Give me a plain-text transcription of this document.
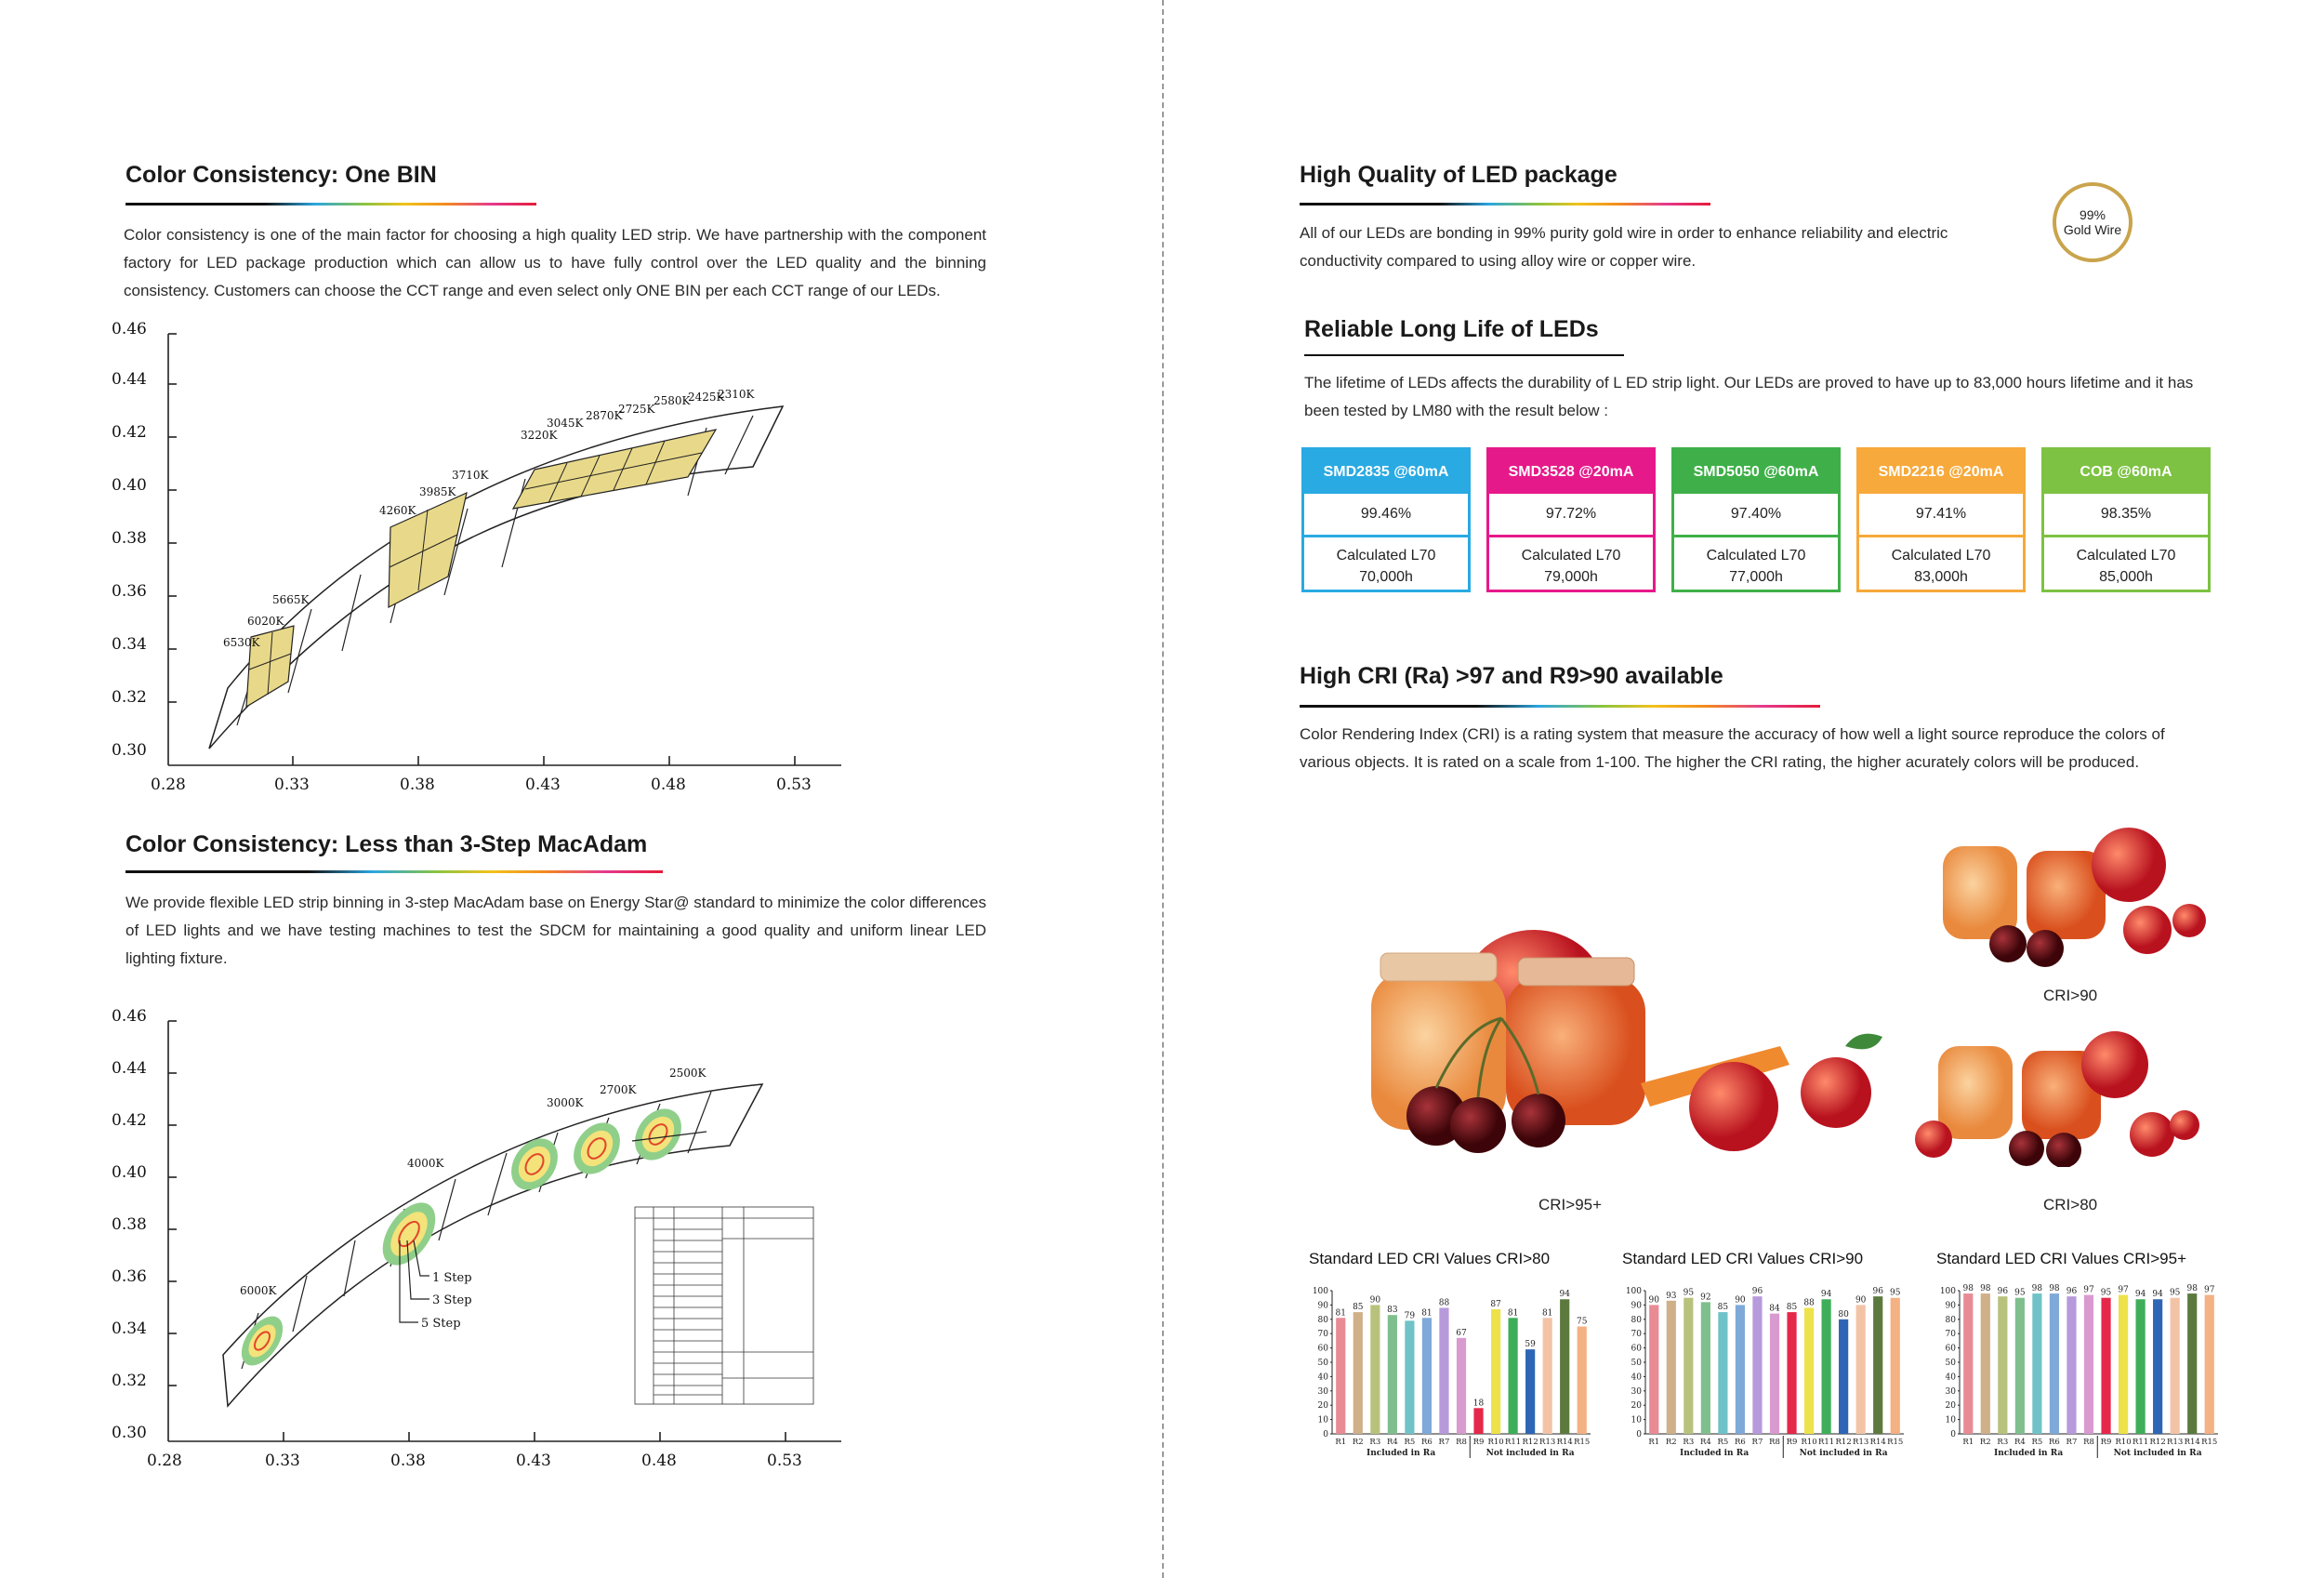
Color Consistency: One BIN

Color consistency is one of the main factor for choosing a high quality LED strip. We have partnership with the component factory for LED package production which can allow us to have fully control over the LED quality and the binning consistency. Customers can choose the CCT range and even select only ONE BIN per each CCT range of our LEDs.

0.46
0.44
0.42
0.40
0.38
0.36
0.34
0.32
0.30
0.28	0.33	0.38	0.43	0.48	0.53
6530K
6020K
5665K
4260K
3985K
3710K
3220K
3045K
2870K
2725K
2580K
2425K
2310K
Color Consistency: Less than 3-Step MacAdam

We provide flexible LED strip binning in 3-step MacAdam base on Energy Star@ standard to minimize the color differences of LED lights and we have testing machines to test the SDCM for maintaining a good quality and uniform linear LED lighting fixture.

0.46
0.44
0.42
0.40
0.38
0.36
0.34
0.32
0.30
0.28	0.33	0.38	0.43	0.48	0.53
1 Step
3 Step
5 Step
6000K
4000K
3000K
2700K
2500K
High Quality of LED package

All of our LEDs are bonding in 99% purity gold wire in order to enhance reliability and electric conductivity compared to using alloy wire or copper wire.

99%
Gold Wire
Reliable Long Life of LEDs

The lifetime of LEDs affects the durability of L ED strip light. Our LEDs are proved to have up to 83,000 hours lifetime and it has been tested by LM80 with the result below :

SMD2835 @60mA
99.46%
Calculated L70
70,000h
SMD3528 @20mA
97.72%
Calculated L70
79,000h
SMD5050 @60mA
97.40%
Calculated L70
77,000h
SMD2216 @20mA
97.41%
Calculated L70
83,000h
COB @60mA
98.35%
Calculated L70
85,000h
High CRI (Ra) >97 and R9>90 available

Color Rendering Index (CRI) is a rating system that measure the accuracy of how well a light source reproduce the colors of various objects. It is rated on a scale from 1-100. The higher the CRI rating, the higher acuratelу colors will be produced.

CRI>95+
CRI>90
CRI>80
Standard LED CRI Values CRI>80
100
90
80
70
60
50
40
30
20
10
0
81
R1
85
R2
90
R3
83
R4
79
R5
81
R6
88
R7
67
R8
18
R9
87
R10
81
R11
59
R12
81
R13
94
R14
75
R15
Included in Ra	Not included in Ra
Standard LED CRI Values CRI>90
100
90
80
70
60
50
40
30
20
10
0
90
R1
93
R2
95
R3
92
R4
85
R5
90
R6
96
R7
84
R8
85
R9
88
R10
94
R11
80
R12
90
R13
96
R14
95
R15
Included in Ra	Not included in Ra
Standard LED CRI Values CRI>95+
100
90
80
70
60
50
40
30
20
10
0
98
R1
98
R2
96
R3
95
R4
98
R5
98
R6
96
R7
97
R8
95
R9
97
R10
94
R11
94
R12
95
R13
98
R14
97
R15
Included in Ra	Not included in Ra
